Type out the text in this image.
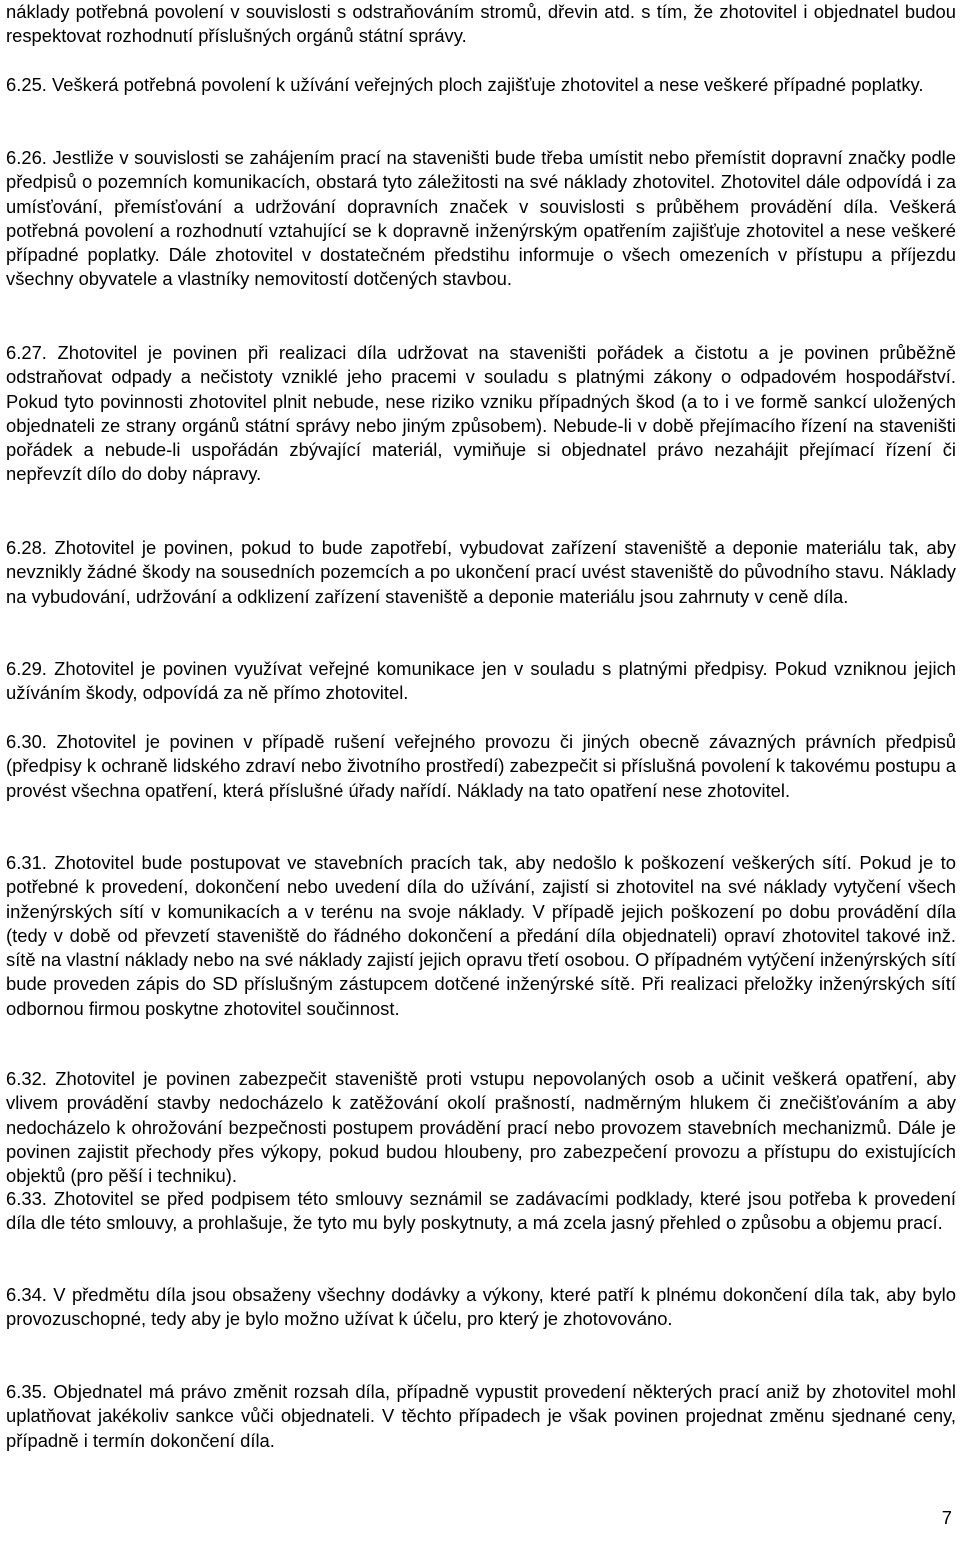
náklady potřebná povolení v souvislosti s odstraňováním stromů, dřevin atd. s tím, že zhotovitel i objednatel budou respektovat rozhodnutí příslušných orgánů státní správy.

6.25. Veškerá potřebná povolení k užívání veřejných ploch zajišťuje zhotovitel a nese veškeré případné poplatky.

6.26. Jestliže v souvislosti se zahájením prací na staveništi bude třeba umístit nebo přemístit dopravní značky podle předpisů o pozemních komunikacích, obstará tyto záležitosti na své náklady zhotovitel. Zhotovitel dále odpovídá i za umísťování, přemísťování a udržování dopravních značek v souvislosti s průběhem provádění díla. Veškerá potřebná povolení a rozhodnutí vztahující se k dopravně inženýrským opatřením zajišťuje zhotovitel a nese veškeré případné poplatky. Dále zhotovitel v dostatečném předstihu informuje o všech omezeních v přístupu a příjezdu všechny obyvatele a vlastníky nemovitostí dotčených stavbou.

6.27. Zhotovitel je povinen při realizaci díla udržovat na staveništi pořádek a čistotu a je povinen průběžně odstraňovat odpady a nečistoty vzniklé jeho pracemi v souladu s platnými zákony o odpadovém hospodářství. Pokud tyto povinnosti zhotovitel plnit nebude, nese riziko vzniku případných škod (a to i ve formě sankcí uložených objednateli ze strany orgánů státní správy nebo jiným způsobem). Nebude-li v době přejímacího řízení na staveništi pořádek a nebude-li uspořádán zbývající materiál, vymiňuje si objednatel právo nezahájit přejímací řízení či nepřevzít dílo do doby nápravy.

6.28. Zhotovitel je povinen, pokud to bude zapotřebí, vybudovat zařízení staveniště a deponie materiálu tak, aby nevznikly žádné škody na sousedních pozemcích a po ukončení prací uvést staveniště do původního stavu. Náklady na vybudování, udržování a odklizení zařízení staveniště a deponie materiálu jsou zahrnuty v ceně díla.

6.29. Zhotovitel je povinen využívat veřejné komunikace jen v souladu s platnými předpisy. Pokud vzniknou jejich užíváním škody, odpovídá za ně přímo zhotovitel.

6.30. Zhotovitel je povinen v případě rušení veřejného provozu či jiných obecně závazných právních předpisů (předpisy k ochraně lidského zdraví nebo životního prostředí) zabezpečit si příslušná povolení k takovému postupu a provést všechna opatření, která příslušné úřady nařídí. Náklady na tato opatření nese zhotovitel.

6.31. Zhotovitel bude postupovat ve stavebních pracích tak, aby nedošlo k poškození veškerých sítí. Pokud je to potřebné k provedení, dokončení nebo uvedení díla do užívání, zajistí si zhotovitel na své náklady vytyčení všech inženýrských sítí v komunikacích a v terénu na svoje náklady. V případě jejich poškození po dobu provádění díla (tedy v době od převzetí staveniště do řádného dokončení a předání díla objednateli) opraví zhotovitel takové inž. sítě na vlastní náklady nebo na své náklady zajistí jejich opravu třetí osobou. O případném vytýčení inženýrských sítí bude proveden zápis do SD příslušným zástupcem dotčené inženýrské sítě. Při realizaci přeložky inženýrských sítí odbornou firmou poskytne zhotovitel součinnost.

6.32. Zhotovitel je povinen zabezpečit staveniště proti vstupu nepovolaných osob a učinit veškerá opatření, aby vlivem provádění stavby nedocházelo k zatěžování okolí prašností, nadměrným hlukem či znečišťováním a aby nedocházelo k ohrožování bezpečnosti postupem provádění prací nebo provozem stavebních mechanizmů. Dále je povinen zajistit přechody přes výkopy, pokud budou hloubeny, pro zabezpečení provozu a přístupu do existujících objektů (pro pěší i techniku).

6.33. Zhotovitel se před podpisem této smlouvy seznámil se zadávacími podklady, které jsou potřeba k provedení díla dle této smlouvy, a prohlašuje, že tyto mu byly poskytnuty, a má zcela jasný přehled o způsobu a objemu prací.

6.34. V předmětu díla jsou obsaženy všechny dodávky a výkony, které patří k plnému dokončení díla tak, aby bylo provozuschopné, tedy aby je bylo možno užívat k účelu, pro který je zhotovováno.

6.35. Objednatel má právo změnit rozsah díla, případně vypustit provedení některých prací aniž by zhotovitel mohl uplatňovat jakékoliv sankce vůči objednateli. V těchto případech je však povinen projednat změnu sjednané ceny, případně i termín dokončení díla.

7
